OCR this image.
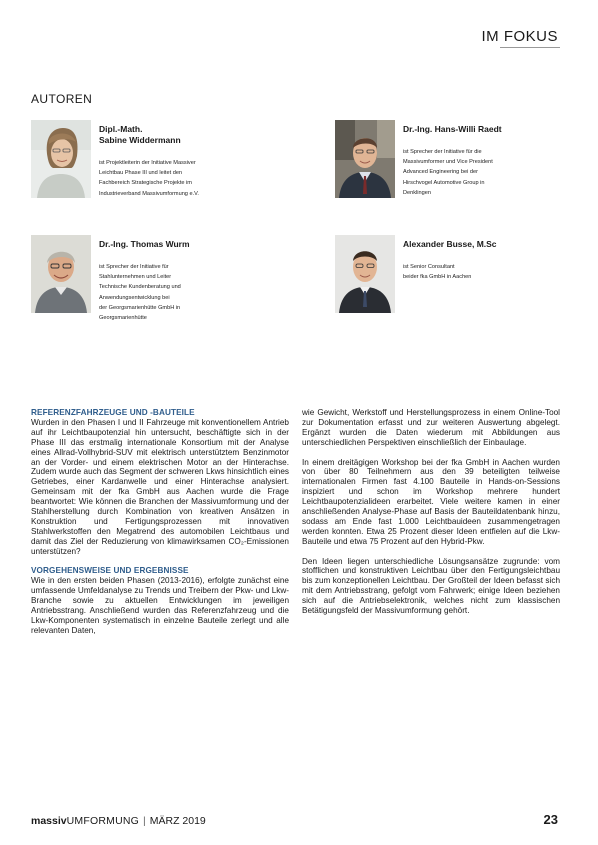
IM FOKUS
AUTOREN
Dipl.-Math.
Sabine Widdermann
ist Projektleiterin der Initiative Massiver
Leichtbau Phase III und leitet den
Fachbereich Strategische Projekte im
Industrieverband Massivumformung e.V.
Dr.-Ing. Hans-Willi Raedt
ist Sprecher der Initiative für die
Massivumformer und Vice President
Advanced Engineering bei der
Hirschvogel Automotive Group in
Denklingen
Dr.-Ing. Thomas Wurm
ist Sprecher der Initiative für
Stahlunternehmen und Leiter
Technische Kundenberatung und
Anwendungsentwicklung bei
der Georgsmarienhütte GmbH in
Georgsmarienhütte
Alexander Busse, M.Sc
ist Senior Consultant
beider fka GmbH in Aachen
REFERENZFAHRZEUGE UND -BAUTEILE

Wurden in den Phasen I und II Fahrzeuge mit konventionellem Antrieb auf ihr Leichtbaupotenzial hin untersucht, beschäftigte sich in der Phase III das erstmalig internationale Konsortium mit der Analyse eines Allrad-Vollhybrid-SUV mit elektrisch unterstütztem Benzinmotor an der Vorder- und einem elektrischen Motor an der Hinterachse. Zudem wurde auch das Segment der schweren Lkws hinsichtlich eines Getriebes, einer Kardanwelle und einer Hinterachse analysiert. Gemeinsam mit der fka GmbH aus Aachen wurde die Frage beantwortet: Wie können die Branchen der Massivumformung und der Stahlherstellung durch Kombination von kreativen Ansätzen in Konstruktion und Fertigungsprozessen mit innovativen Stahlwerkstoffen den Megatrend des automobilen Leichtbaus und damit das Ziel der Reduzierung von klimawirksamen CO₂-Emissionen unterstützen?

VORGEHENSWEISE UND ERGEBNISSE

Wie in den ersten beiden Phasen (2013-2016), erfolgte zunächst eine umfassende Umfeldanalyse zu Trends und Treibern der Pkw- und Lkw-Branche sowie zu aktuellen Entwicklungen im jeweiligen Antriebsstrang. Anschließend wurden das Referenzfahrzeug und die Lkw-Komponenten systematisch in einzelne Bauteile zerlegt und alle relevanten Daten,

wie Gewicht, Werkstoff und Herstellungsprozess in einem Online-Tool zur Dokumentation erfasst und zur weiteren Auswertung abgelegt. Ergänzt wurden die Daten wiederum mit Abbildungen aus unterschiedlichen Perspektiven einschließlich der Einbaulage.

In einem dreitägigen Workshop bei der fka GmbH in Aachen wurden von über 80 Teilnehmern aus den 39 beteiligten teilweise internationalen Firmen fast 4.100 Bauteile in Hands-on-Sessions inspiziert und schon im Workshop mehrere hundert Leichtbaupotenzialideen erarbeitet. Viele weitere kamen in einer anschließenden Analyse-Phase auf Basis der Bauteildatenbank hinzu, sodass am Ende fast 1.000 Leichtbauideen zusammengetragen werden konnten. Etwa 25 Prozent dieser Ideen entfielen auf die Lkw-Bauteile und etwa 75 Prozent auf den Hybrid-Pkw.

Den Ideen liegen unterschiedliche Lösungsansätze zugrunde: vom stofflichen und konstruktiven Leichtbau über den Fertigungsleichtbau bis zum konzeptionellen Leichtbau. Der Großteil der Ideen befasst sich mit dem Antriebsstrang, gefolgt vom Fahrwerk; einige Ideen beziehen sich auf die Antriebselektronik, welches nicht zum klassischen Betätigungsfeld der Massivumformung gehört.

massivUMFORMUNG | MÄRZ 2019	23
